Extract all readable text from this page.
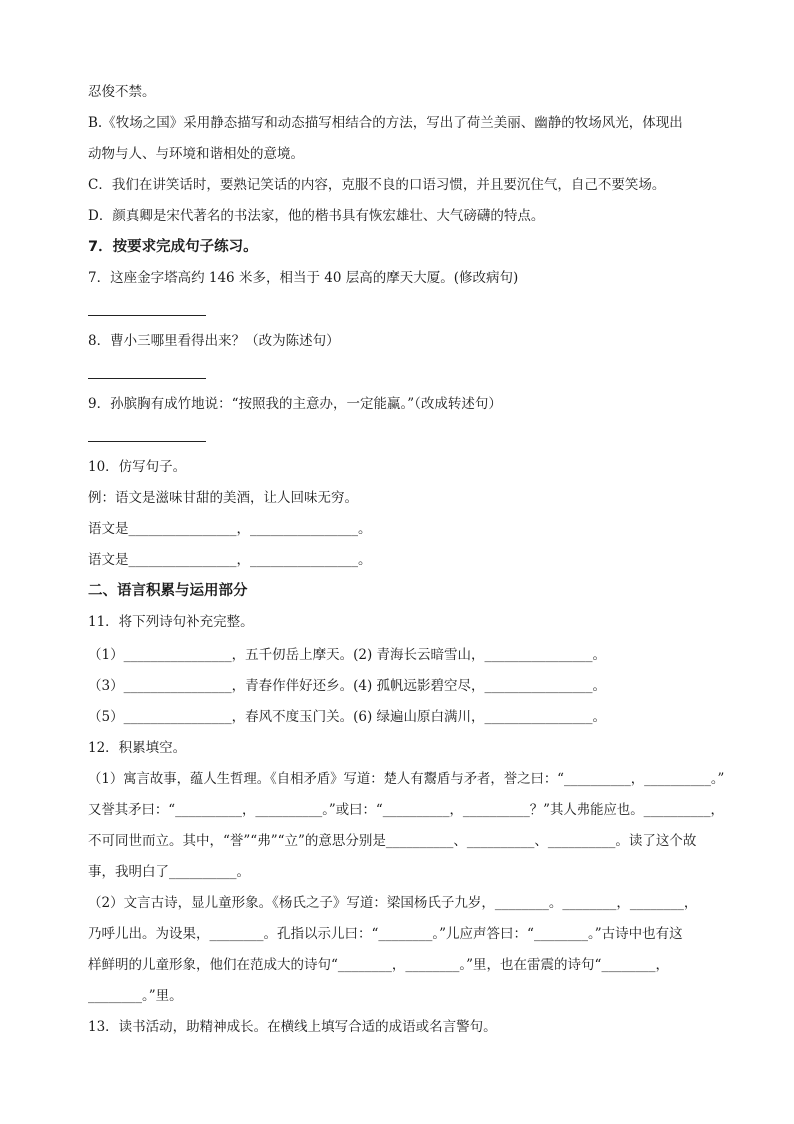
忍俊不禁。
B.《牧场之国》采用静态描写和动态描写相结合的方法，写出了荷兰美丽、幽静的牧场风光，体现出
动物与人、与环境和谐相处的意境。
C．我们在讲笑话时，要熟记笑话的内容，克服不良的口语习惯，并且要沉住气，自己不要笑场。
D．颜真卿是宋代著名的书法家，他的楷书具有恢宏雄壮、大气磅礴的特点。
7．按要求完成句子练习。
7．这座金字塔高约 146 米多，相当于 40 层高的摩天大厦。(修改病句)
8．曹小三哪里看得出来？（改为陈述句）
9．孙膑胸有成竹地说：“按照我的主意办，一定能赢。”（改成转述句）
10．仿写句子。
例：语文是滋味甘甜的美酒，让人回味无穷。
语文是________________，________________。
语文是________________，________________。
二、语言积累与运用部分
11．将下列诗句补充完整。
（1）________________，五千仞岳上摩天。(2) 青海长云暗雪山，________________。
（3）________________，青春作伴好还乡。(4) 孤帆远影碧空尽，________________。
（5）________________，春风不度玉门关。(6) 绿遍山原白满川，________________。
12．积累填空。
（1）寓言故事，蕴人生哲理。《自相矛盾》写道：楚人有鬻盾与矛者，誉之曰：“__________，__________。”
又誉其矛曰：“__________，__________。”或曰：“__________，__________？”其人弗能应也。__________，
不可同世而立。其中，“誉”“弗”“立”的意思分别是__________、__________、__________。读了这个故
事，我明白了__________。
（2）文言古诗，显儿童形象。《杨氏之子》写道：梁国杨氏子九岁，________。________，________，
乃呼儿出。为设果，________。孔指以示儿曰：“________。”儿应声答曰：“________。”古诗中也有这
样鲜明的儿童形象，他们在范成大的诗句“________，________。”里，也在雷震的诗句“________，
________。”里。
13．读书活动，助精神成长。在横线上填写合适的成语或名言警句。
